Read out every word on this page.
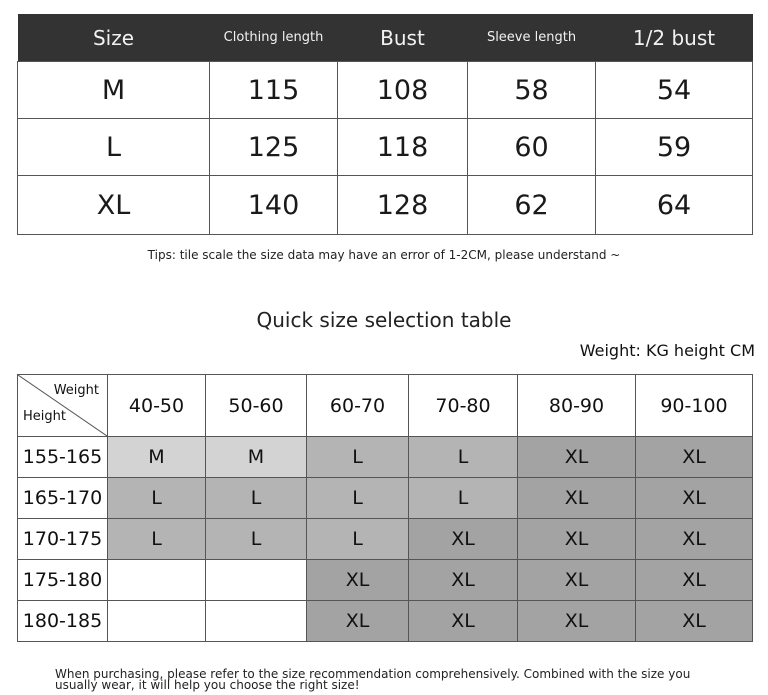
Size	Clothing length	Bust	Sleeve length	1/2 bust
M	115	108	58	54
L	125	118	60	59
XL	140	128	62	64
Tips: tile scale the size data may have an error of 1-2CM, please understand ~
Quick size selection table
Weight: KG height CM
Weight
Height	40-50	50-60	60-70	70-80	80-90	90-100
155-165	M	M	L	L	XL	XL
165-170	L	L	L	L	XL	XL
170-175	L	L	L	XL	XL	XL
175-180			XL	XL	XL	XL
180-185			XL	XL	XL	XL
When purchasing, please refer to the size recommendation comprehensively. Combined with the size you usually wear, it will help you choose the right size!
